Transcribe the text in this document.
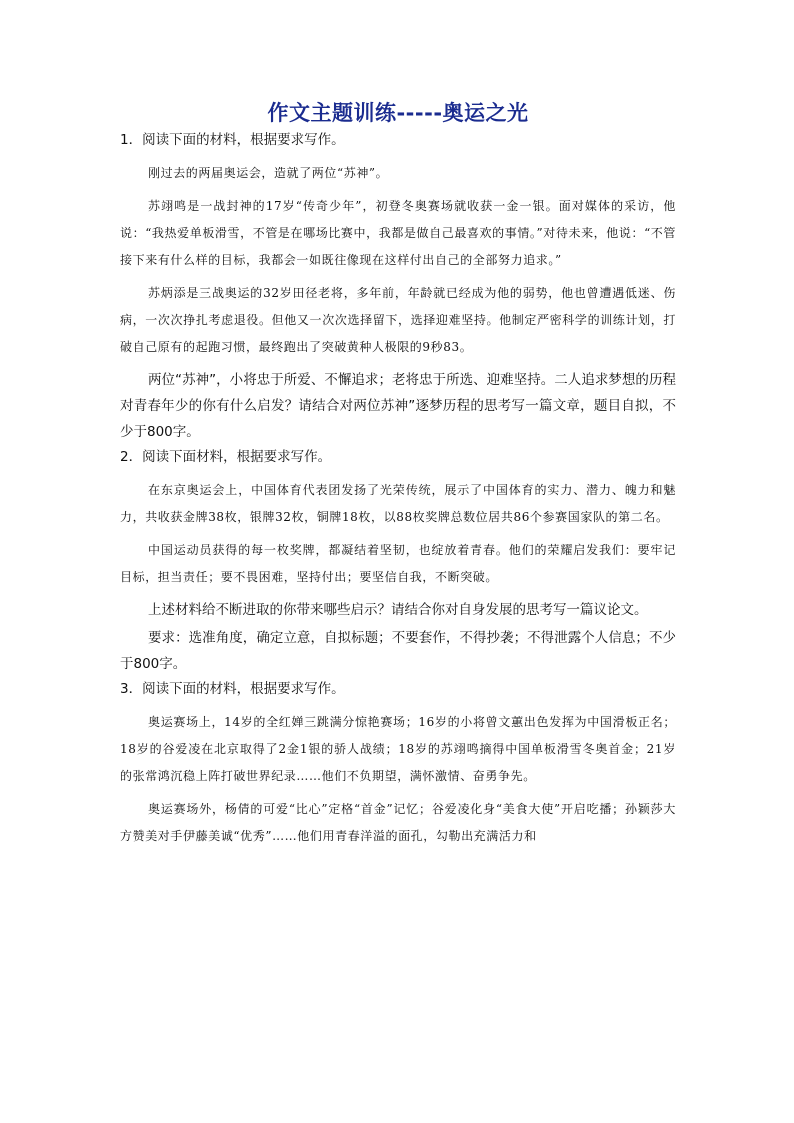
作文主题训练-----奥运之光
1．阅读下面的材料，根据要求写作。

刚过去的两届奥运会，造就了两位“苏神”。

苏翊鸣是一战封神的17岁“传奇少年”，初登冬奥赛场就收获一金一银。面对媒体的采访，他说：“我热爱单板滑雪，不管是在哪场比赛中，我都是做自己最喜欢的事情。”对待未来，他说：“不管接下来有什么样的目标，我都会一如既往像现在这样付出自己的全部努力追求。”

苏炳添是三战奥运的32岁田径老将，多年前，年龄就已经成为他的弱势，他也曾遭遇低迷、伤病，一次次挣扎考虑退役。但他又一次次选择留下，选择迎难坚持。他制定严密科学的训练计划，打破自己原有的起跑习惯，最终跑出了突破黄种人极限的9秒83。

两位“苏神”，小将忠于所爱、不懈追求；老将忠于所选、迎难坚持。二人追求梦想的历程对青春年少的你有什么启发？请结合对两位苏神”逐梦历程的思考写一篇文章，题目自拟，不少于800字。

2．阅读下面材料，根据要求写作。

在东京奥运会上，中国体育代表团发扬了光荣传统，展示了中国体育的实力、潜力、魄力和魅力，共收获金牌38枚，银牌32枚，铜牌18枚，以88枚奖牌总数位居共86个参赛国家队的第二名。

中国运动员获得的每一枚奖牌，都凝结着坚韧，也绽放着青春。他们的荣耀启发我们：要牢记目标，担当责任；要不畏困难，坚持付出；要坚信自我，不断突破。

上述材料给不断进取的你带来哪些启示？请结合你对自身发展的思考写一篇议论文。

要求：选准角度，确定立意，自拟标题；不要套作，不得抄袭；不得泄露个人信息；不少于800字。

3．阅读下面的材料，根据要求写作。

奥运赛场上，14岁的全红婵三跳满分惊艳赛场；16岁的小将曾文蕙出色发挥为中国滑板正名；18岁的谷爱凌在北京取得了2金1银的骄人战绩；18岁的苏翊鸣摘得中国单板滑雪冬奥首金；21岁的张常鸿沉稳上阵打破世界纪录……他们不负期望，满怀激情、奋勇争先。

奥运赛场外，杨倩的可爱“比心”定格“首金”记忆；谷爱凌化身“美食大使”开启吃播；孙颖莎大方赞美对手伊藤美诚“优秀”……他们用青春洋溢的面孔，勾勒出充满活力和
